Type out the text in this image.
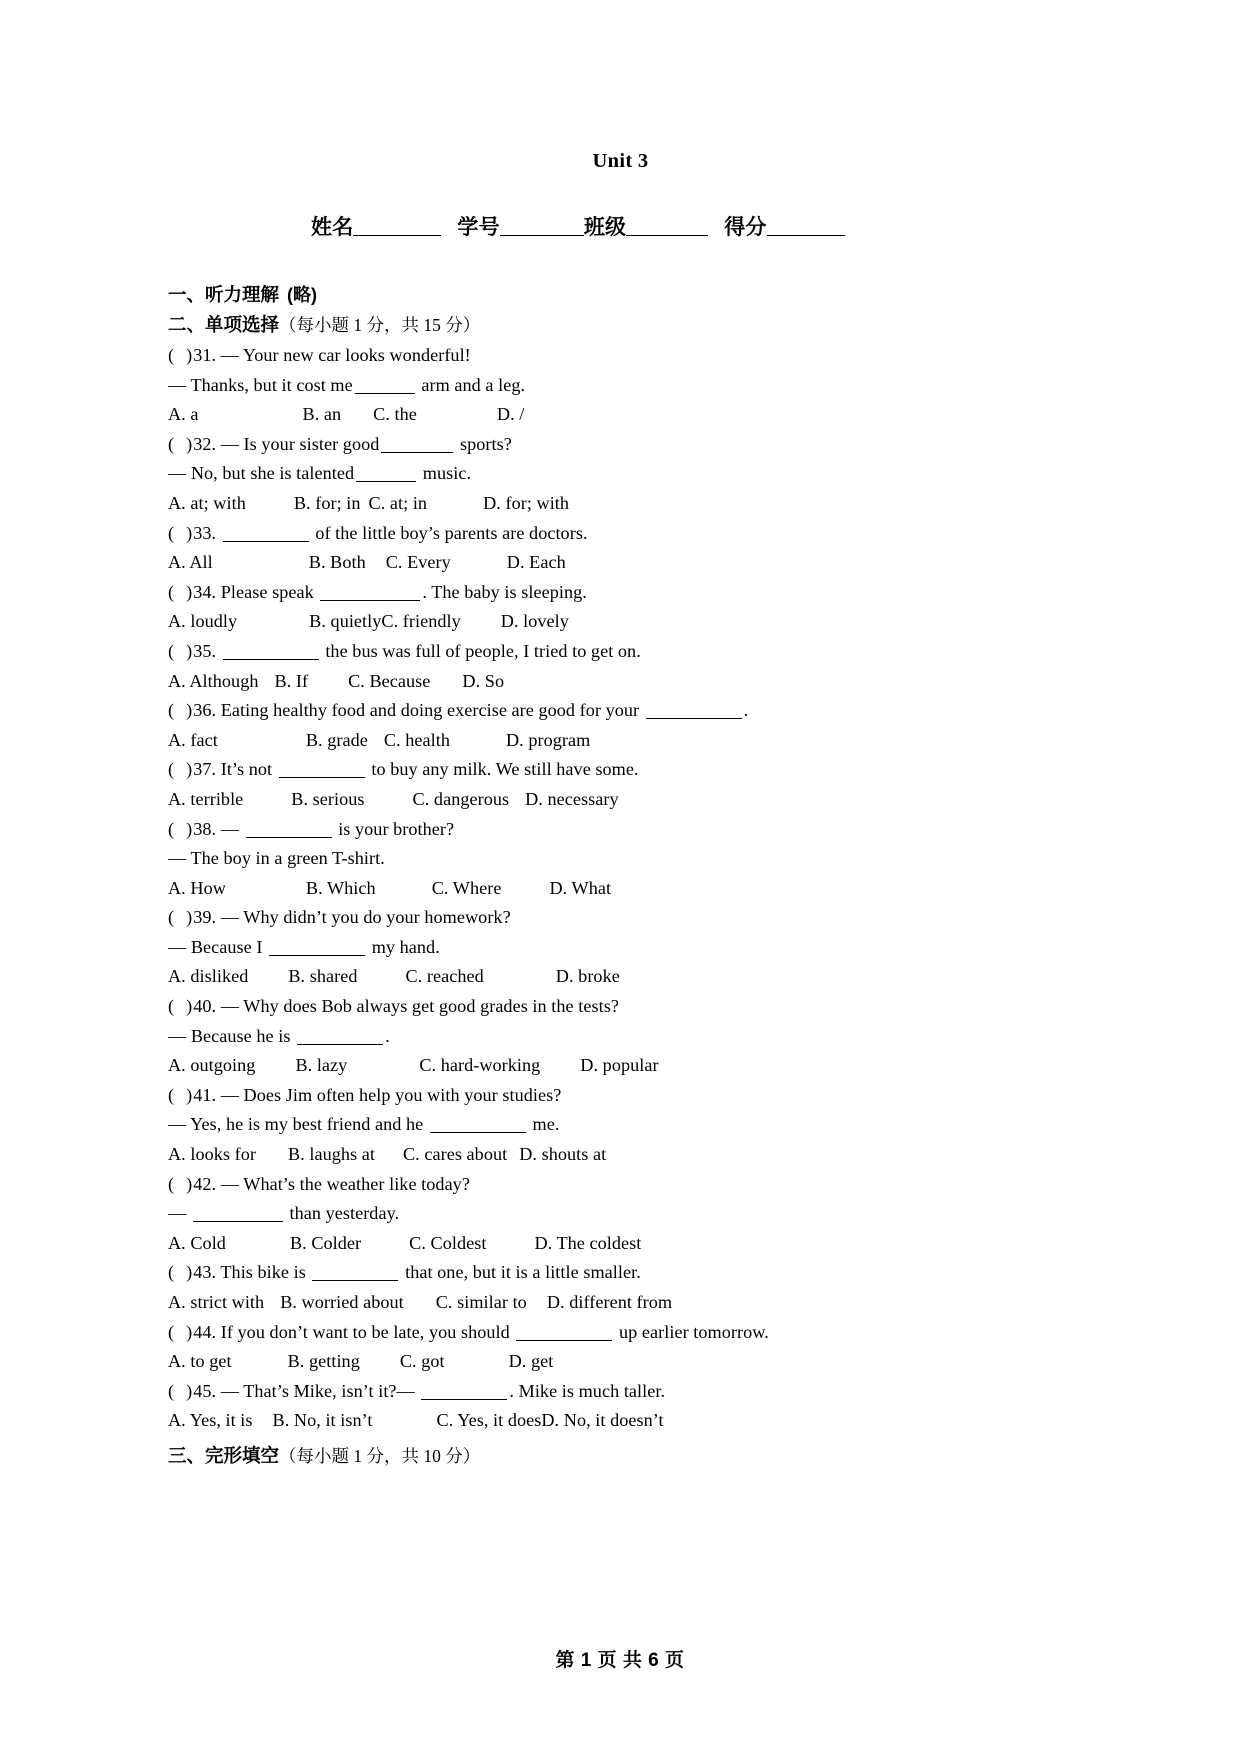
Unit 3
姓名	学号	班级	得分
一、听力理解 (略)
二、单项选择（每小题 1 分，共 15 分）
(  )31. — Your new car looks wonderful!
— Thanks, but it cost me	arm and a leg.
A. a	B. an C. the	D. /
(  )32. — Is your sister good	sports?
— No, but she is talented	music.
A. at; with	B. for; in C. at; in	D. for; with
(  )33.	of the little boy’s parents are doctors.
A. All	B. Both C. Every	D. Each
(  )34. Please speak	. The baby is sleeping.
A. loudly	B. quietlyC. friendly D. lovely
(  )35.	the bus was full of people, I tried to get on.
A. Although B. If C. Because D. So
(  )36. Eating healthy food and doing exercise are good for your	.
A. fact	B. grade C. health	D. program
(  )37. It’s not	to buy any milk. We still have some.
A. terrible	B. serious	C. dangerous D. necessary
(  )38. —	is your brother?
— The boy in a green T-shirt.
A. How	B. Which	C. Where	D. What
(  )39. — Why didn’t you do your homework?
— Because I	my hand.
A. disliked B. shared	C. reached	D. broke
(  )40. — Why does Bob always get good grades in the tests?
— Because he is	.
A. outgoing B. lazy	C. hard-working D. popular
(  )41. — Does Jim often help you with your studies?
— Yes, he is my best friend and he	me.
A. looks for B. laughs at C. cares about D. shouts at
(  )42. — What’s the weather like today?
—	than yesterday.
A. Cold	B. Colder	C. Coldest	D. The coldest
(  )43. This bike is	that one, but it is a little smaller.
A. strict with B. worried about C. similar to D. different from
(  )44. If you don’t want to be late, you should	up earlier tomorrow.
A. to get	B. getting C. got	D. get
(  )45. — That’s Mike, isn’t it?—	. Mike is much taller.
A. Yes, it is B. No, it isn’t	C. Yes, it doesD. No, it doesn’t
三、完形填空（每小题 1 分，共 10 分）
第 1 页 共 6 页
